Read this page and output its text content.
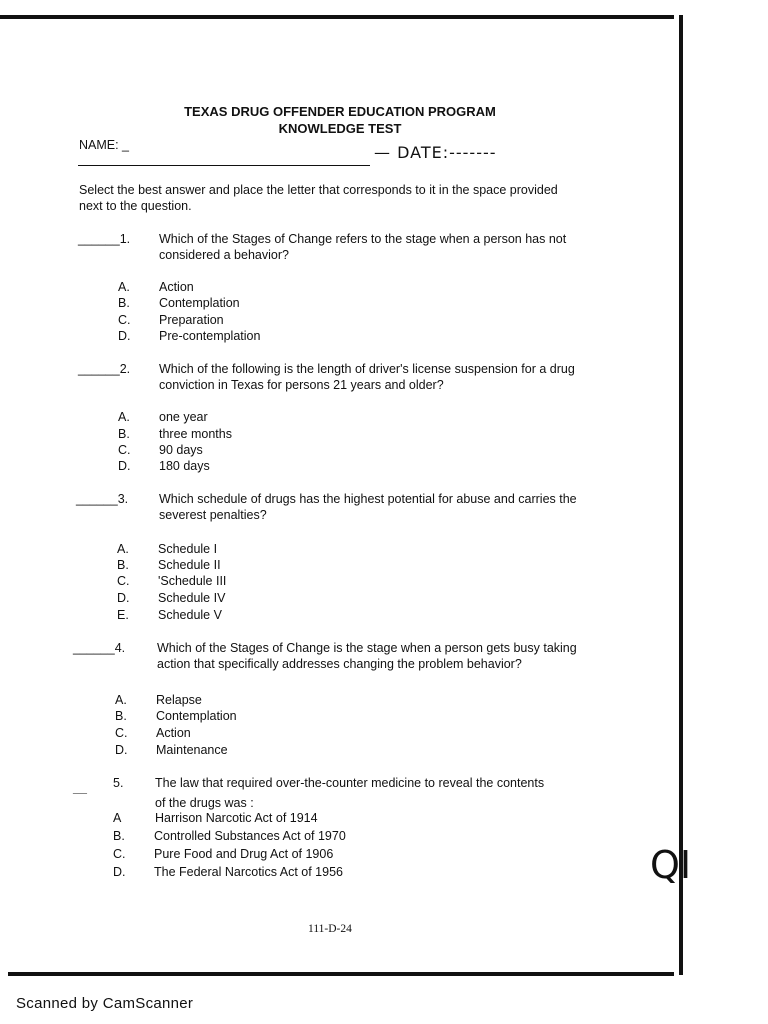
TEXAS DRUG OFFENDER EDUCATION PROGRAM
KNOWLEDGE TEST
NAME: _	— DATE:-------
Select the best answer and place the letter that corresponds to it in the space provided
next to the question.
______1. Which of the Stages of Change refers to the stage when a person has not
considered a behavior?
A. Action
B. Contemplation
C. Preparation
D. Pre-contemplation
______2. Which of the following is the length of driver's license suspension for a drug
conviction in Texas for persons 21 years and older?
A. one year
B. three months
C. 90 days
D. 180 days
______3. Which schedule of drugs has the highest potential for abuse and carries the
severest penalties?
A. Schedule I
B. Schedule II
C. 'Schedule III
D. Schedule IV
E. Schedule V
______4.	Which of the Stages of Change is the stage when a person gets busy taking
action that specifically addresses changing the problem behavior?
A. Relapse
B. Contemplation
C. Action
D. Maintenance
__ 5.	The law that required over-the-counter medicine to reveal the contents
of the drugs was :
A	Harrison Narcotic Act of 1914
B. Controlled Substances Act of 1970
C. Pure Food and Drug Act of 1906
D. The Federal Narcotics Act of 1956	QI
111-D-24
Scanned by CamScanner
